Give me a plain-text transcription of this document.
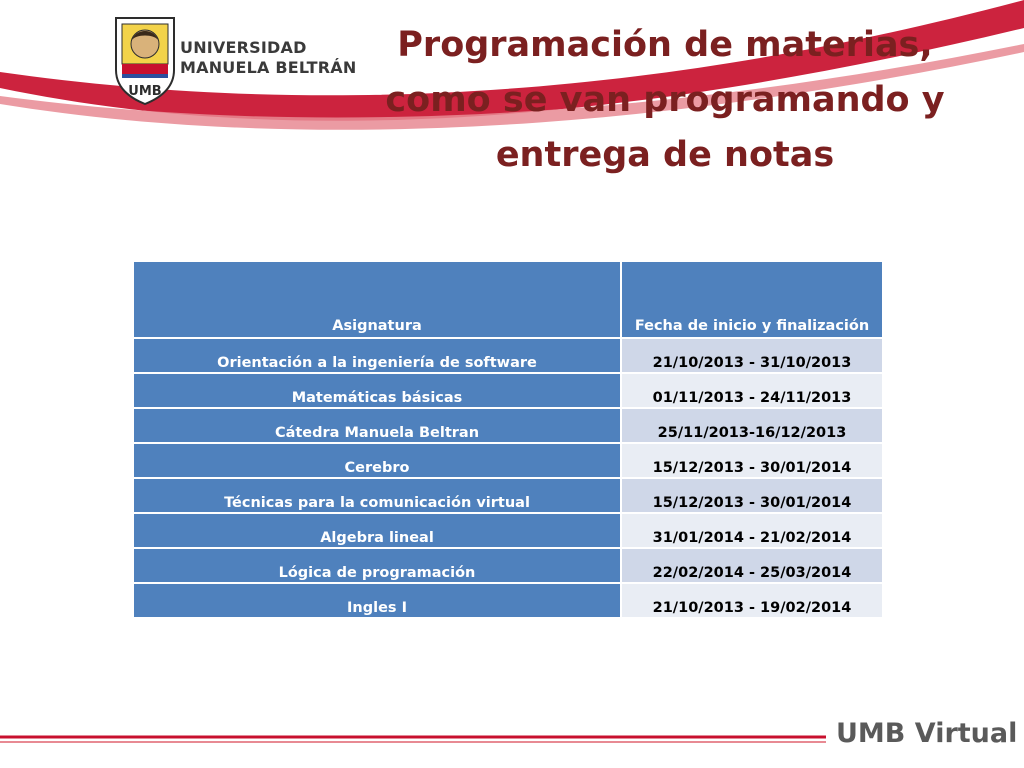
UMB
UNIVERSIDAD
MANUELA BELTRÁN
Programación de materias, como se van programando y entrega de notas
Asignatura	Fecha de inicio y finalización
Orientación a la ingeniería de software	21/10/2013 - 31/10/2013
Matemáticas básicas	01/11/2013 - 24/11/2013
Cátedra Manuela Beltran	25/11/2013-16/12/2013
Cerebro	15/12/2013 - 30/01/2014
Técnicas para la comunicación virtual	15/12/2013 - 30/01/2014
Algebra lineal	31/01/2014 - 21/02/2014
Lógica de programación	22/02/2014 - 25/03/2014
Ingles I	21/10/2013 - 19/02/2014
UMB Virtual
